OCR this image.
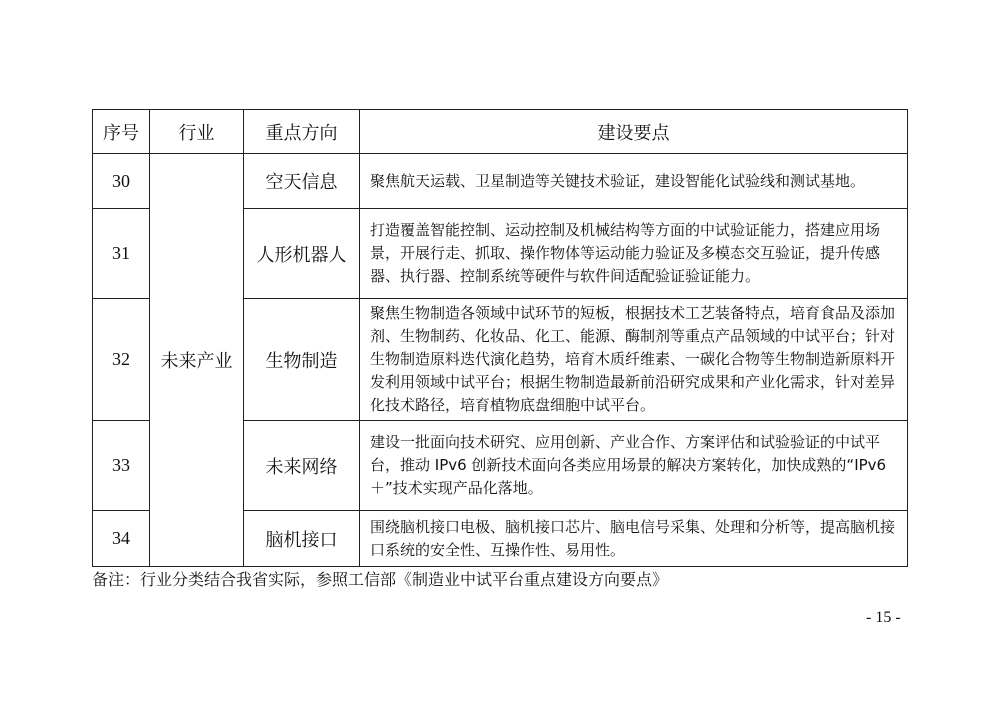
序号	行业	重点方向	建设要点
30	未来产业	空天信息	聚焦航天运载、卫星制造等关键技术验证，建设智能化试验线和测试基地。
31		人形机器人	打造覆盖智能控制、运动控制及机械结构等方面的中试验证能力，搭建应用场景，开展行走、抓取、操作物体等运动能力验证及多模态交互验证，提升传感器、执行器、控制系统等硬件与软件间适配验证验证能力。
32		生物制造	聚焦生物制造各领域中试环节的短板，根据技术工艺装备特点，培育食品及添加剂、生物制药、化妆品、化工、能源、酶制剂等重点产品领域的中试平台；针对生物制造原料迭代演化趋势，培育木质纤维素、一碳化合物等生物制造新原料开发利用领域中试平台；根据生物制造最新前沿研究成果和产业化需求，针对差异化技术路径，培育植物底盘细胞中试平台。
33		未来网络	建设一批面向技术研究、应用创新、产业合作、方案评估和试验验证的中试平台，推动 IPv6 创新技术面向各类应用场景的解决方案转化，加快成熟的“IPv6＋”技术实现产品化落地。
34		脑机接口	围绕脑机接口电极、脑机接口芯片、脑电信号采集、处理和分析等，提高脑机接口系统的安全性、互操作性、易用性。
备注：行业分类结合我省实际，参照工信部《制造业中试平台重点建设方向要点》
- 15 -
